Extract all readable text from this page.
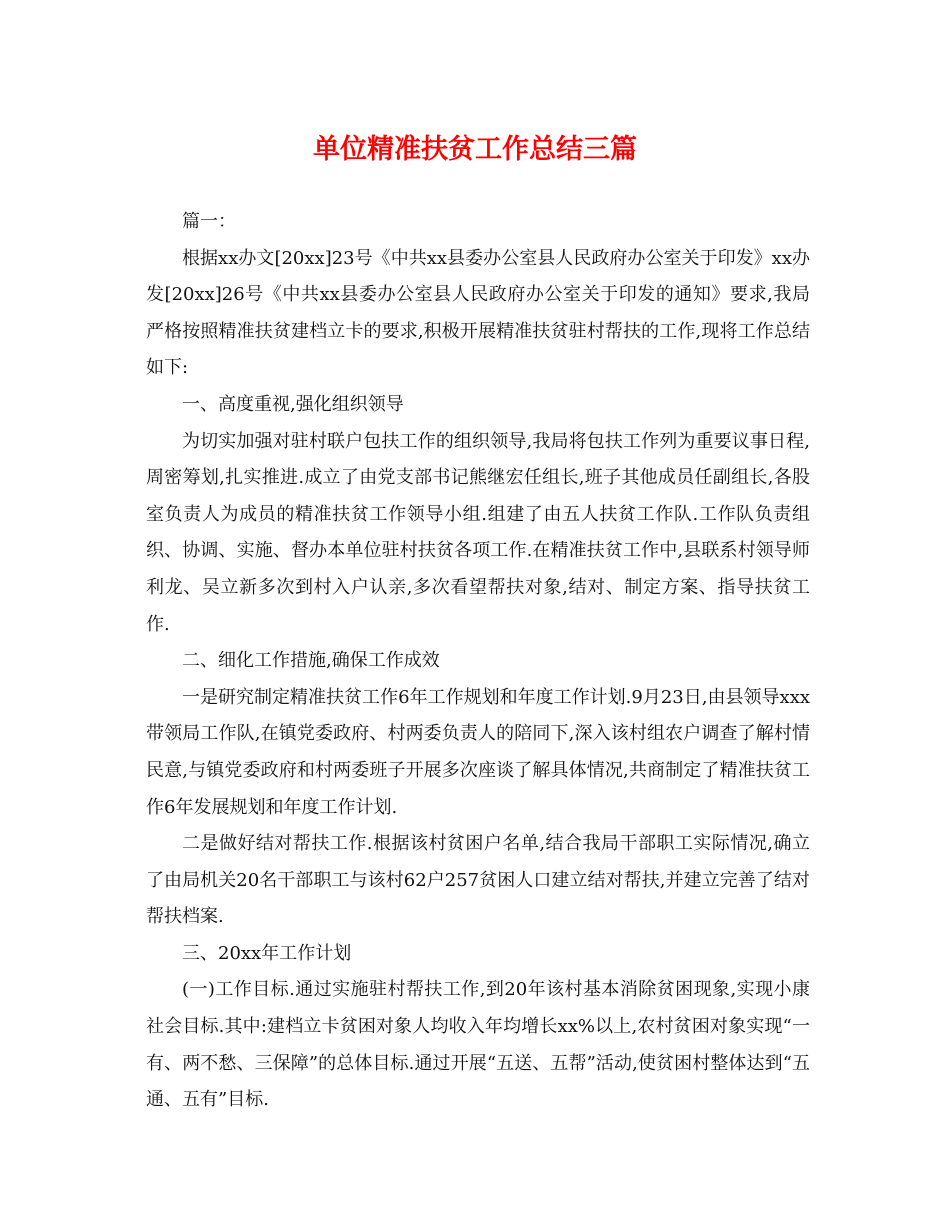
单位精准扶贫工作总结三篇

篇一：

根据xx办文[20xx]23号《中共xx县委办公室县人民政府办公室关于印发》xx办发[20xx]26号《中共xx县委办公室县人民政府办公室关于印发的通知》要求,我局严格按照精准扶贫建档立卡的要求,积极开展精准扶贫驻村帮扶的工作,现将工作总结如下:

一、高度重视,强化组织领导

为切实加强对驻村联户包扶工作的组织领导,我局将包扶工作列为重要议事日程,周密筹划,扎实推进.成立了由党支部书记熊继宏任组长,班子其他成员任副组长,各股室负责人为成员的精准扶贫工作领导小组.组建了由五人扶贫工作队.工作队负责组织、协调、实施、督办本单位驻村扶贫各项工作.在精准扶贫工作中,县联系村领导师利龙、吴立新多次到村入户认亲,多次看望帮扶对象,结对、制定方案、指导扶贫工作.

二、细化工作措施,确保工作成效

一是研究制定精准扶贫工作6年工作规划和年度工作计划.9月23日,由县领导xxx带领局工作队,在镇党委政府、村两委负责人的陪同下,深入该村组农户调查了解村情民意,与镇党委政府和村两委班子开展多次座谈了解具体情况,共商制定了精准扶贫工作6年发展规划和年度工作计划.

二是做好结对帮扶工作.根据该村贫困户名单,结合我局干部职工实际情况,确立了由局机关20名干部职工与该村62户257贫困人口建立结对帮扶,并建立完善了结对帮扶档案.

三、20xx年工作计划

(一)工作目标.通过实施驻村帮扶工作,到20年该村基本消除贫困现象,实现小康社会目标.其中:建档立卡贫困对象人均收入年均增长xx%以上,农村贫困对象实现“一有、两不愁、三保障”的总体目标.通过开展“五送、五帮”活动,使贫困村整体达到“五通、五有”目标.
